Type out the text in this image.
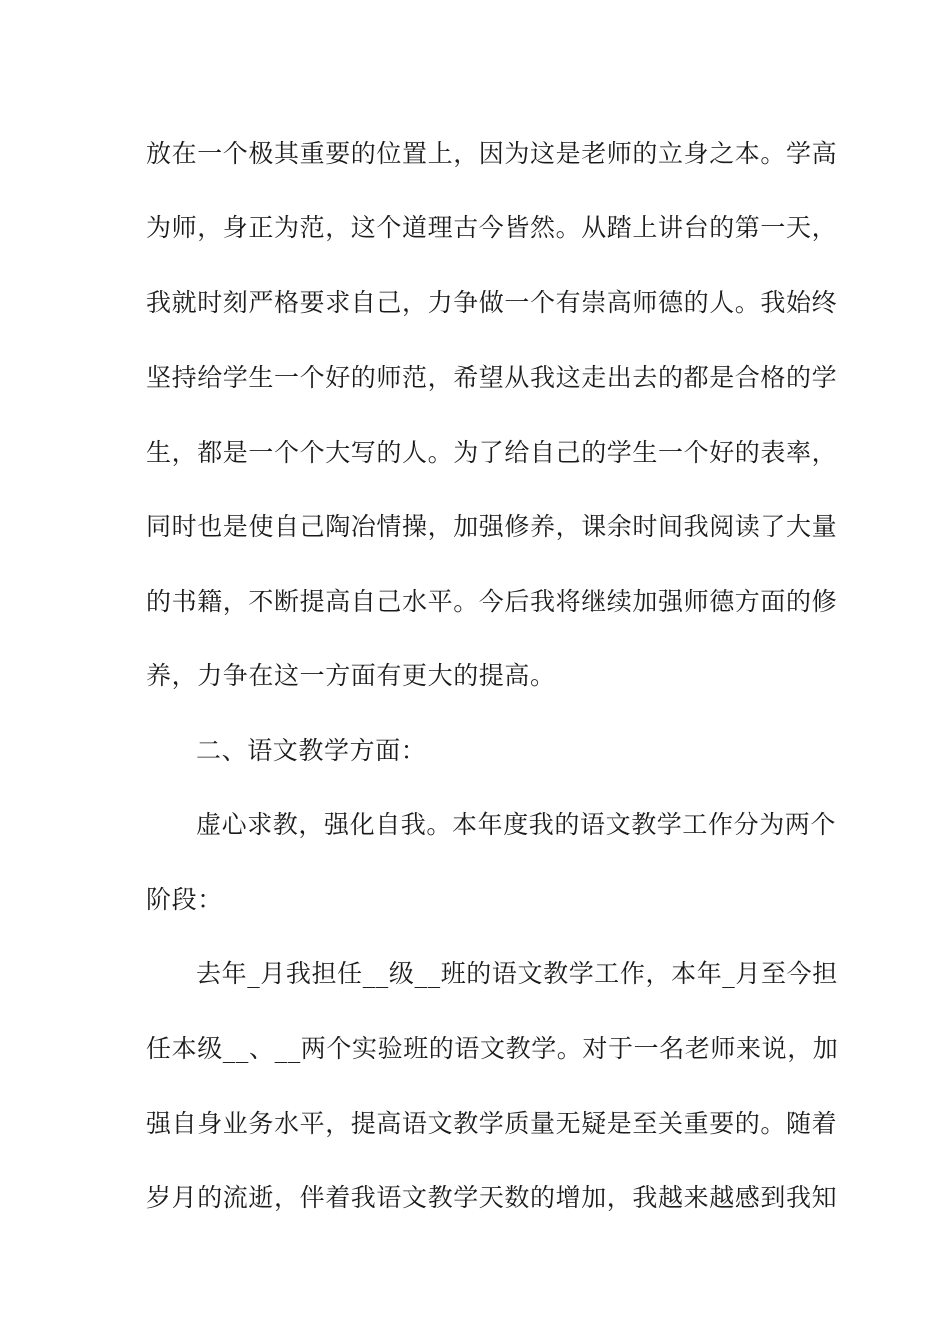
放在一个极其重要的位置上，因为这是老师的立身之本。学高
为师，身正为范，这个道理古今皆然。从踏上讲台的第一天，
我就时刻严格要求自己，力争做一个有崇高师德的人。我始终
坚持给学生一个好的师范，希望从我这走出去的都是合格的学
生，都是一个个大写的人。为了给自己的学生一个好的表率，
同时也是使自己陶冶情操，加强修养，课余时间我阅读了大量
的书籍，不断提高自己水平。今后我将继续加强师德方面的修
养，力争在这一方面有更大的提高。
二、语文教学方面：
虚心求教，强化自我。本年度我的语文教学工作分为两个
阶段：
去年_月我担任__级__班的语文教学工作，本年_月至今担
任本级__、__两个实验班的语文教学。对于一名老师来说，加
强自身业务水平，提高语文教学质量无疑是至关重要的。随着
岁月的流逝，伴着我语文教学天数的增加，我越来越感到我知
